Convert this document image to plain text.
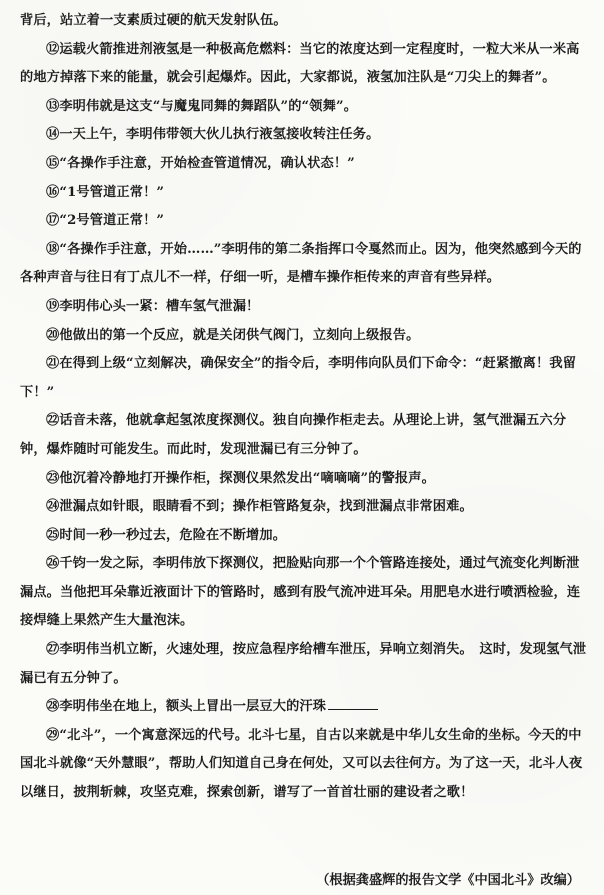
背后，站立着一支素质过硬的航天发射队伍。

⑫运载火箭推进剂液氢是一种极高危燃料：当它的浓度达到一定程度时，一粒大米从一米高的地方掉落下来的能量，就会引起爆炸。因此，大家都说，液氢加注队是“刀尖上的舞者”。

⑬李明伟就是这支“与魔鬼同舞的舞蹈队”的“领舞”。

⑭一天上午，李明伟带领大伙儿执行液氢接收转注任务。

⑮“各操作手注意，开始检查管道情况，确认状态！”

⑯“1号管道正常！”

⑰“2号管道正常！”

⑱“各操作手注意，开始……”李明伟的第二条指挥口令戛然而止。因为，他突然感到今天的各种声音与往日有丁点儿不一样，仔细一听，是槽车操作柜传来的声音有些异样。

⑲李明伟心头一紧：槽车氢气泄漏！

⑳他做出的第一个反应，就是关闭供气阀门，立刻向上级报告。

㉑在得到上级“立刻解决，确保安全”的指令后，李明伟向队员们下命令：“赶紧撤离！我留下！”

㉒话音未落，他就拿起氢浓度探测仪。独自向操作柜走去。从理论上讲，氢气泄漏五六分钟，爆炸随时可能发生。而此时，发现泄漏已有三分钟了。

㉓他沉着冷静地打开操作柜，探测仪果然发出“嘀嘀嘀”的警报声。

㉔泄漏点如针眼，眼睛看不到；操作柜管路复杂，找到泄漏点非常困难。

㉕时间一秒一秒过去，危险在不断增加。

㉖千钧一发之际，李明伟放下探测仪，把脸贴向那一个个管路连接处，通过气流变化判断泄漏点。当他把耳朵靠近液面计下的管路时，感到有股气流冲进耳朵。用肥皂水进行喷洒检验，连接焊缝上果然产生大量泡沫。

㉗李明伟当机立断，火速处理，按应急程序给槽车泄压，异响立刻消失。　这时，发现氢气泄漏已有五分钟了。

㉘李明伟坐在地上，额头上冒出一层豆大的汗珠

㉙“北斗”，一个寓意深远的代号。北斗七星，自古以来就是中华儿女生命的坐标。今天的中国北斗就像“天外慧眼”，帮助人们知道自己身在何处，又可以去往何方。为了这一天，北斗人夜以继日，披荆斩棘，攻坚克难，探索创新，谱写了一首首壮丽的建设者之歌！

（根据龚盛辉的报告文学《中国北斗》改编）
